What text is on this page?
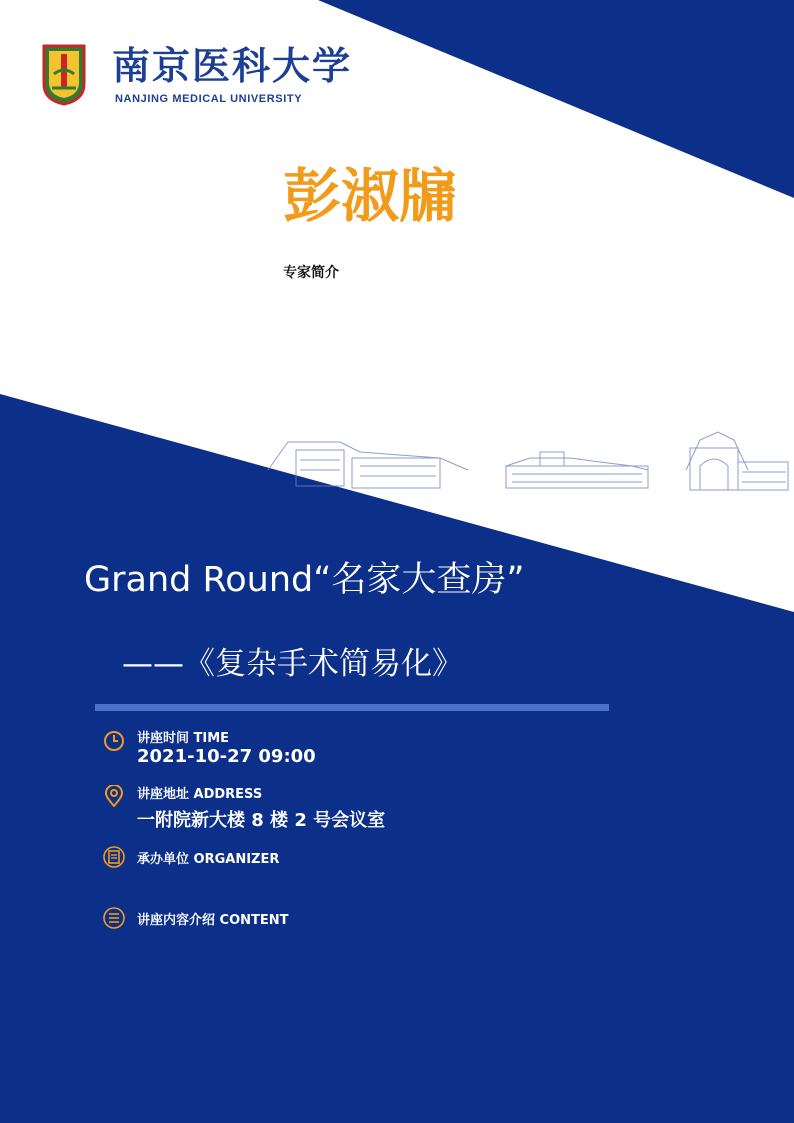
南京医科大学
NANJING MEDICAL UNIVERSITY
彭淑牖
专家简介
Grand Round“名家大查房”
——《复杂手术简易化》
讲座时间 TIME
2021-10-27 09:00
讲座地址 ADDRESS
一附院新大楼 8 楼 2 号会议室
承办单位 ORGANIZER
讲座内容介绍 CONTENT
